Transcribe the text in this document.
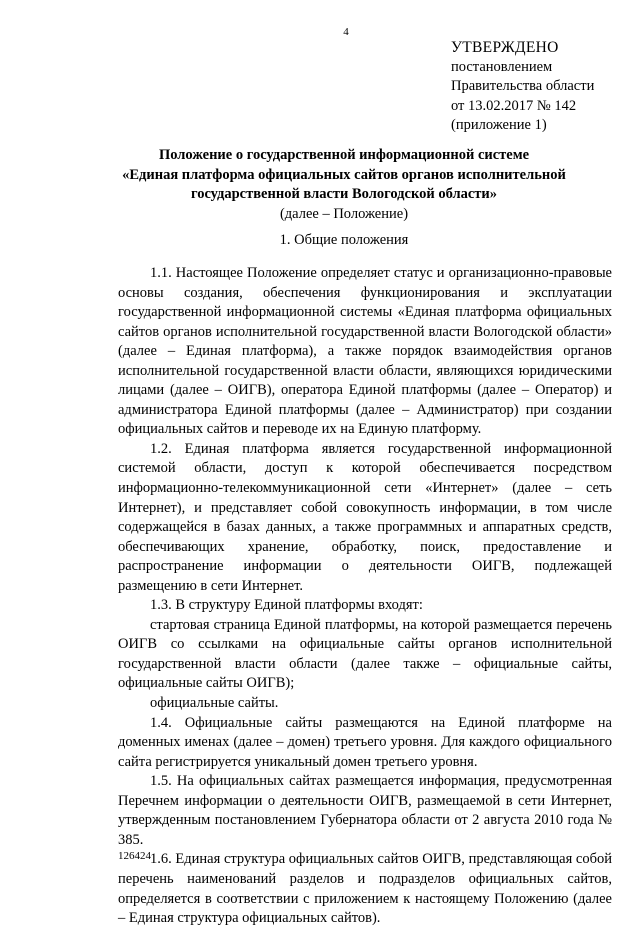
4
УТВЕРЖДЕНО
постановлением
Правительства области
от 13.02.2017 № 142
(приложение 1)
Положение о государственной информационной системе
«Единая платформа официальных сайтов органов исполнительной
государственной власти Вологодской области»
(далее – Положение)
1. Общие положения

1.1. Настоящее Положение определяет статус и организационно-правовые основы создания, обеспечения функционирования и эксплуатации государственной информационной системы «Единая платформа официальных сайтов органов исполнительной государственной власти Вологодской области» (далее – Единая платформа), а также порядок взаимодействия органов исполнительной государственной власти области, являющихся юридическими лицами (далее – ОИГВ), оператора Единой платформы (далее – Оператор) и администратора Единой платформы (далее – Администратор) при создании официальных сайтов и переводе их на Единую платформу.

1.2. Единая платформа является государственной информационной системой области, доступ к которой обеспечивается посредством информационно-телекоммуникационной сети «Интернет» (далее – сеть Интернет), и представляет собой совокупность информации, в том числе содержащейся в базах данных, а также программных и аппаратных средств, обеспечивающих хранение, обработку, поиск, предоставление и распространение информации о деятельности ОИГВ, подлежащей размещению в сети Интернет.

1.3. В структуру Единой платформы входят:

стартовая страница Единой платформы, на которой размещается перечень ОИГВ со ссылками на официальные сайты органов исполнительной государственной власти области (далее также – официальные сайты, официальные сайты ОИГВ);

официальные сайты.

1.4. Официальные сайты размещаются на Единой платформе на доменных именах (далее – домен) третьего уровня. Для каждого официального сайта регистрируется уникальный домен третьего уровня.

1.5. На официальных сайтах размещается информация, предусмотренная Перечнем информации о деятельности ОИГВ, размещаемой в сети Интернет, утвержденным постановлением Губернатора области от 2 августа 2010 года № 385.

1.6. Единая структура официальных сайтов ОИГВ, представляющая собой перечень наименований разделов и подразделов официальных сайтов, определяется в соответствии с приложением к настоящему Положению (далее – Единая структура официальных сайтов).

126424
